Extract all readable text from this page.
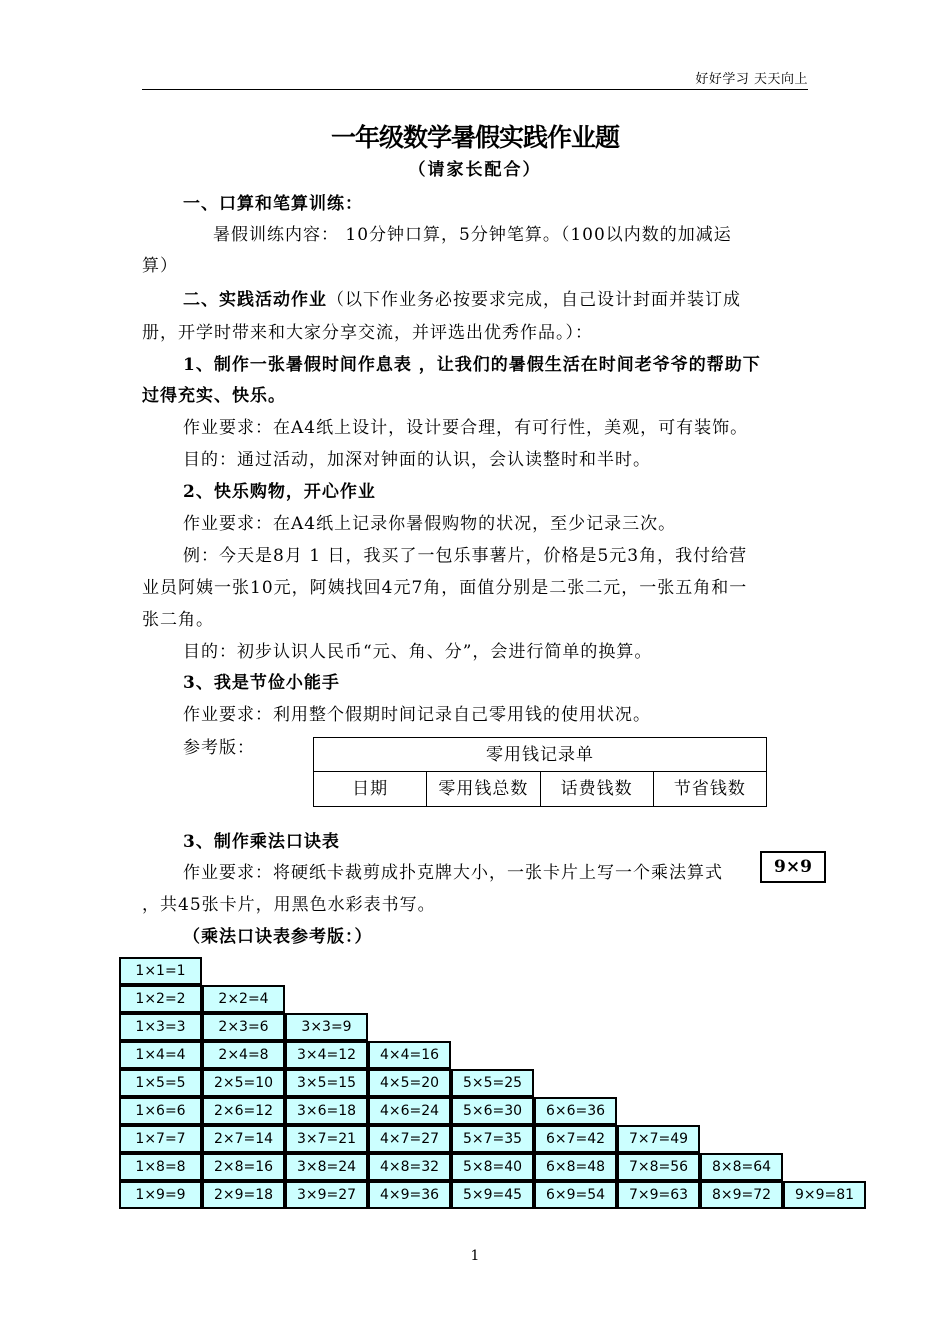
好好学习 天天向上
一年级数学暑假实践作业题
（请家长配合）
一、口算和笔算训练：
暑假训练内容： 10分钟口算，5分钟笔算。（100以内数的加减运
算）
二、实践活动作业（以下作业务必按要求完成，自己设计封面并装订成
册，开学时带来和大家分享交流，并评选出优秀作品。）：
1、制作一张暑假时间作息表 ，让我们的暑假生活在时间老爷爷的帮助下
过得充实、快乐。
作业要求：在A4纸上设计，设计要合理，有可行性，美观，可有装饰。
目的：通过活动，加深对钟面的认识，会认读整时和半时。
2、快乐购物，开心作业
作业要求：在A4纸上记录你暑假购物的状况，至少记录三次。
例：今天是8月 1 日，我买了一包乐事薯片，价格是5元3角，我付给营
业员阿姨一张10元，阿姨找回4元7角，面值分别是二张二元，一张五角和一
张二角。
目的：初步认识人民币“元、角、分”，会进行简单的换算。
3、我是节俭小能手
作业要求：利用整个假期时间记录自己零用钱的使用状况。
参考版：	零用钱记录单
日期	零用钱总数	话费钱数	节省钱数
3、制作乘法口诀表
作业要求：将硬纸卡裁剪成扑克牌大小，一张卡片上写一个乘法算式	9×9
，共45张卡片，用黑色水彩表书写。
（乘法口诀表参考版：）
1×1=1
1×2=2	2×2=4
1×3=3	2×3=6	3×3=9
1×4=4	2×4=8	3×4=12	4×4=16
1×5=5	2×5=10	3×5=15	4×5=20	5×5=25
1×6=6	2×6=12	3×6=18	4×6=24	5×6=30	6×6=36
1×7=7	2×7=14	3×7=21	4×7=27	5×7=35	6×7=42	7×7=49
1×8=8	2×8=16	3×8=24	4×8=32	5×8=40	6×8=48	7×8=56	8×8=64
1×9=9	2×9=18	3×9=27	4×9=36	5×9=45	6×9=54	7×9=63	8×9=72	9×9=81
1
